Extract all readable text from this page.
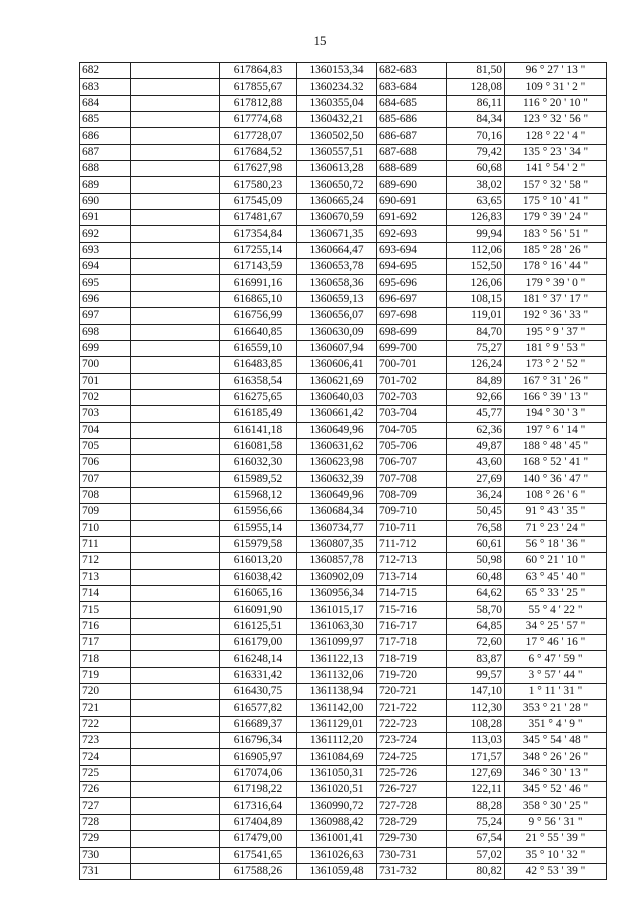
15
682		617864,83	1360153,34	682-683	81,50	96 ° 27 ' 13 "
683		617855,67	1360234.32	683-684	128,08	109 ° 31 ' 2 "
684		617812,88	1360355,04	684-685	86,11	116 ° 20 ' 10 "
685		617774,68	1360432,21	685-686	84,34	123 ° 32 ' 56 "
686		617728,07	1360502,50	686-687	70,16	128 ° 22 ' 4 "
687		617684,52	1360557,51	687-688	79,42	135 ° 23 ' 34 "
688		617627,98	1360613,28	688-689	60,68	141 ° 54 ' 2 "
689		617580,23	1360650,72	689-690	38,02	157 ° 32 ' 58 "
690		617545,09	1360665,24	690-691	63,65	175 ° 10 ' 41 "
691		617481,67	1360670,59	691-692	126,83	179 ° 39 ' 24 "
692		617354,84	1360671,35	692-693	99,94	183 ° 56 ' 51 "
693		617255,14	1360664,47	693-694	112,06	185 ° 28 ' 26 "
694		617143,59	1360653,78	694-695	152,50	178 ° 16 ' 44 "
695		616991,16	1360658,36	695-696	126,06	179 ° 39 ' 0 "
696		616865,10	1360659,13	696-697	108,15	181 ° 37 ' 17 "
697		616756,99	1360656,07	697-698	119,01	192 ° 36 ' 33 "
698		616640,85	1360630,09	698-699	84,70	195 ° 9 ' 37 "
699		616559,10	1360607,94	699-700	75,27	181 ° 9 ' 53 "
700		616483,85	1360606,41	700-701	126,24	173 ° 2 ' 52 "
701		616358,54	1360621,69	701-702	84,89	167 ° 31 ' 26 "
702		616275,65	1360640,03	702-703	92,66	166 ° 39 ' 13 "
703		616185,49	1360661,42	703-704	45,77	194 ° 30 ' 3 "
704		616141,18	1360649,96	704-705	62,36	197 ° 6 ' 14 "
705		616081,58	1360631,62	705-706	49,87	188 ° 48 ' 45 "
706		616032,30	1360623,98	706-707	43,60	168 ° 52 ' 41 "
707		615989,52	1360632,39	707-708	27,69	140 ° 36 ' 47 "
708		615968,12	1360649,96	708-709	36,24	108 ° 26 ' 6 "
709		615956,66	1360684,34	709-710	50,45	91 ° 43 ' 35 "
710		615955,14	1360734,77	710-711	76,58	71 ° 23 ' 24 "
711		615979,58	1360807,35	711-712	60,61	56 ° 18 ' 36 "
712		616013,20	1360857,78	712-713	50,98	60 ° 21 ' 10 "
713		616038,42	1360902,09	713-714	60,48	63 ° 45 ' 40 "
714		616065,16	1360956,34	714-715	64,62	65 ° 33 ' 25 "
715		616091,90	1361015,17	715-716	58,70	55 ° 4 ' 22 "
716		616125,51	1361063,30	716-717	64,85	34 ° 25 ' 57 "
717		616179,00	1361099,97	717-718	72,60	17 ° 46 ' 16 "
718		616248,14	1361122,13	718-719	83,87	6 ° 47 ' 59 "
719		616331,42	1361132,06	719-720	99,57	3 ° 57 ' 44 "
720		616430,75	1361138,94	720-721	147,10	1 ° 11 ' 31 "
721		616577,82	1361142,00	721-722	112,30	353 ° 21 ' 28 "
722		616689,37	1361129,01	722-723	108,28	351 ° 4 ' 9 "
723		616796,34	1361112,20	723-724	113,03	345 ° 54 ' 48 "
724		616905,97	1361084,69	724-725	171,57	348 ° 26 ' 26 "
725		617074,06	1361050,31	725-726	127,69	346 ° 30 ' 13 "
726		617198,22	1361020,51	726-727	122,11	345 ° 52 ' 46 "
727		617316,64	1360990,72	727-728	88,28	358 ° 30 ' 25 "
728		617404,89	1360988,42	728-729	75,24	9 ° 56 ' 31 "
729		617479,00	1361001,41	729-730	67,54	21 ° 55 ' 39 "
730		617541,65	1361026,63	730-731	57,02	35 ° 10 ' 32 "
731		617588,26	1361059,48	731-732	80,82	42 ° 53 ' 39 "
